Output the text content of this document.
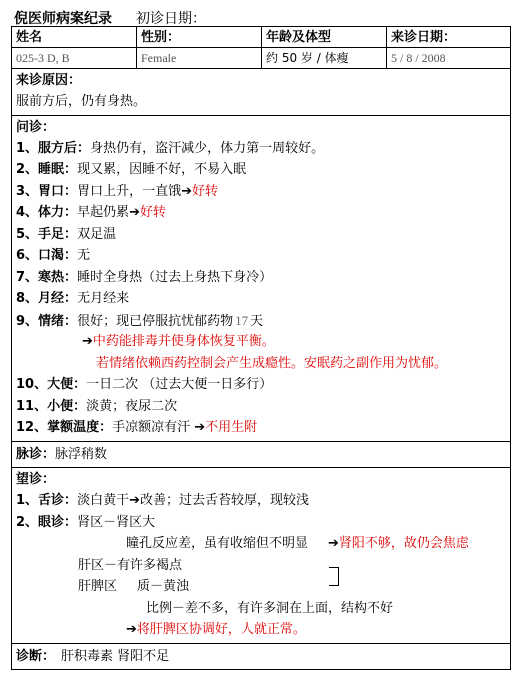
倪医师病案纪录 初诊日期：
姓名	性别：	年龄及体型	来诊日期：
025-3 D, B	Female	约 50 岁 / 体瘦	5 / 8 / 2008
来诊原因：
服前方后，仍有身热。
问诊：
1、服方后：身热仍有，盗汗减少，体力第一周较好。
2、睡眠：现又累，因睡不好，不易入眠
3、胃口：胃口上升，一直饿➔好转
4、体力：早起仍累➔好转
5、手足：双足温
6、口渴：无
7、寒热：睡时全身热（过去上身热下身冷）
8、月经：无月经来
9、情绪：很好；现已停服抗忧郁药物 17 天
➔中药能排毒并使身体恢复平衡。
若情绪依赖西药控制会产生成瘾性。安眠药之副作用为忧郁。
10、大便：一日二次 （过去大便一日多行）
11、小便：淡黄；夜尿二次
12、掌额温度：手凉额凉有汗 ➔不用生附
脉诊：脉浮稍数
望诊：
1、舌诊：淡白黄干➔改善；过去舌苔较厚，现较浅
2、眼诊：肾区－肾区大
瞳孔反应差，虽有收缩但不明显 ➔肾阳不够，故仍会焦虑
肝区－有许多褐点
肝脾区 质－黄浊
比例－差不多，有许多洞在上面，结构不好
➔将肝脾区协调好，人就正常。
诊断： 肝积毒素 肾阳不足
